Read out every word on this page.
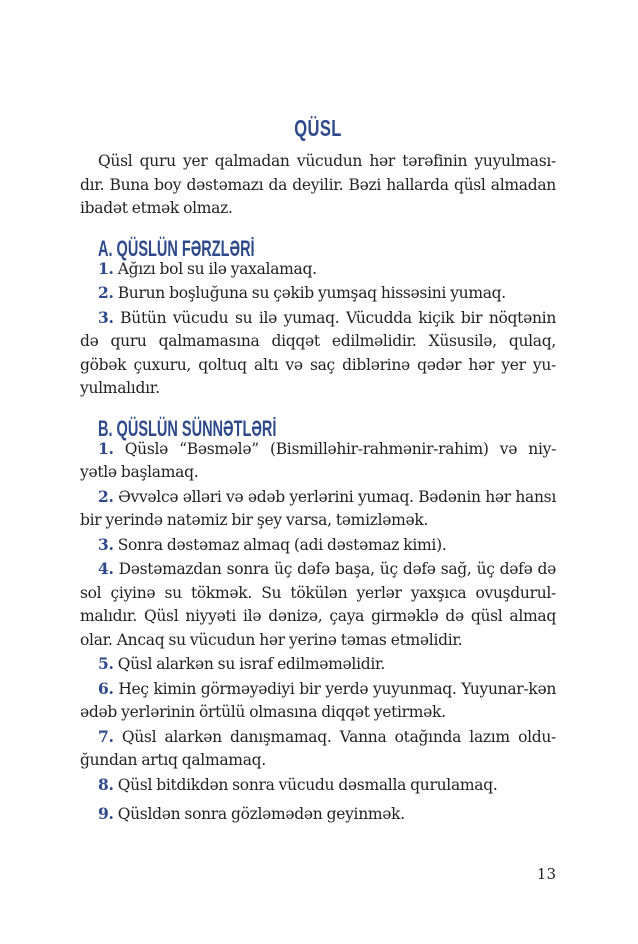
QÜSL

Qüsl quru yer qalmadan vücudun hər tərəfinin yuyulması-dır. Buna boy dəstəmazı da deyilir. Bəzi hallarda qüsl almadan ibadət etmək olmaz.

A. QÜSLÜN FƏRZLƏRİ

1. Ağızı bol su ilə yaxalamaq.

2. Burun boşluğuna su çəkib yumşaq hissəsini yumaq.

3. Bütün vücudu su ilə yumaq. Vücudda kiçik bir nöqtənin də quru qalmamasına diqqət edilməlidir. Xüsusilə, qulaq, göbək çuxuru, qoltuq altı və saç diblərinə qədər hər yer yu-yulmalıdır.

B. QÜSLÜN SÜNNƏTLƏRİ

1. Qüslə “Bəsmələ” (Bismilləhir-rahmənir-rahim) və niy-yətlə başlamaq.

2. Əvvəlcə əlləri və ədəb yerlərini yumaq. Bədənin hər hansı bir yerində natəmiz bir şey varsa, təmizləmək.

3. Sonra dəstəmaz almaq (adi dəstəmaz kimi).

4. Dəstəmazdan sonra üç dəfə başa, üç dəfə sağ, üç dəfə də sol çiyinə su tökmək. Su tökülən yerlər yaxşıca ovuşdurul-malıdır. Qüsl niyyəti ilə dənizə, çaya girməklə də qüsl almaq olar. Ancaq su vücudun hər yerinə təmas etməlidir.

5. Qüsl alarkən su israf edilməməlidir.

6. Heç kimin görməyədiyi bir yerdə yuyunmaq. Yuyunar-kən ədəb yerlərinin örtülü olmasına diqqət yetirmək.

7. Qüsl alarkən danışmamaq. Vanna otağında lazım oldu-ğundan artıq qalmamaq.

8. Qüsl bitdikdən sonra vücudu dəsmalla qurulamaq.

9. Qüsldən sonra gözləmədən geyinmək.

13
